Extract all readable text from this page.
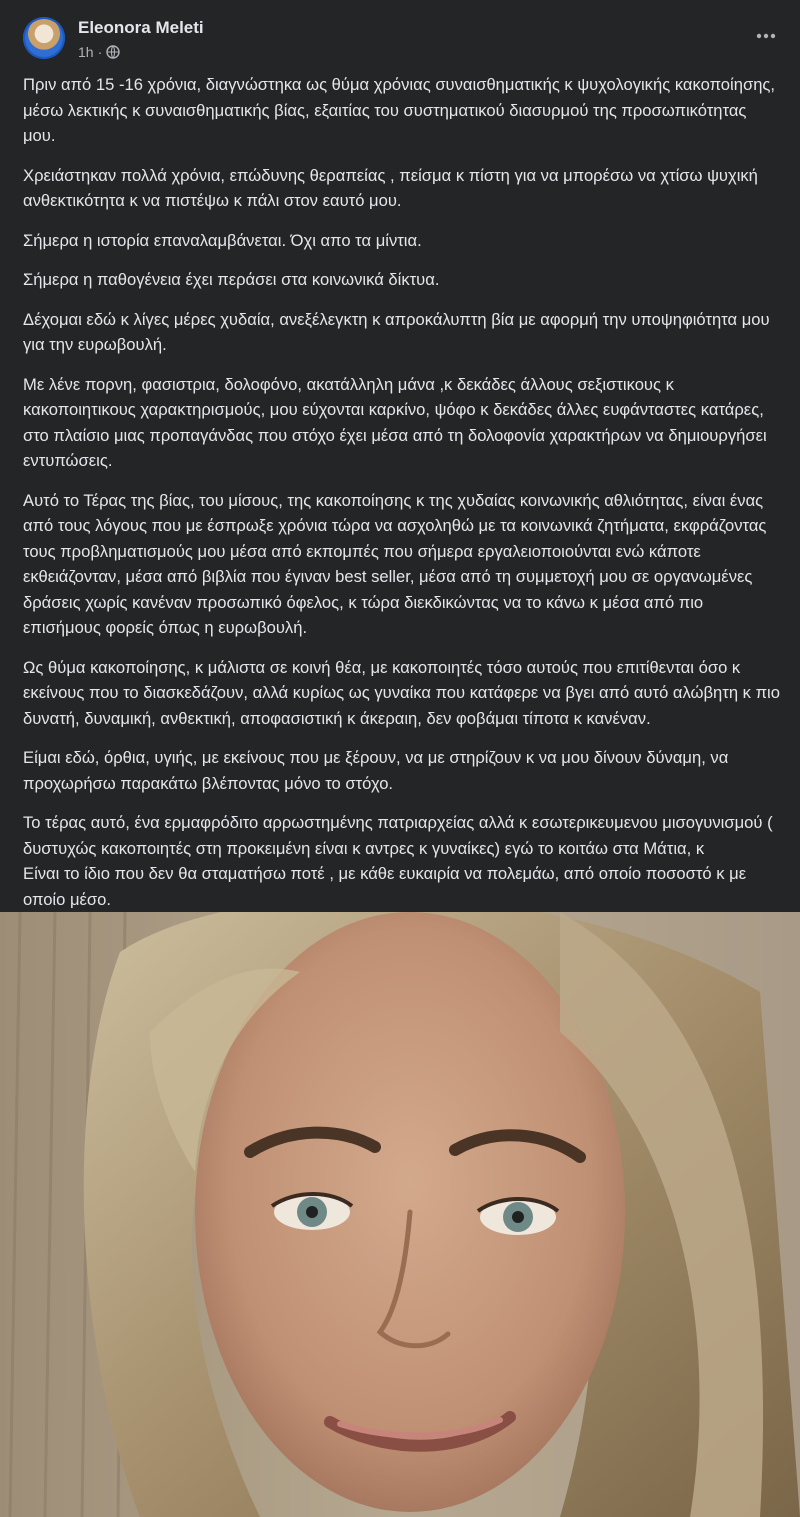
Eleonora Meleti
1h ·

Πριν από 15 -16 χρόνια, διαγνώστηκα ως θύμα χρόνιας συναισθηματικής κ ψυχολογικής κακοποίησης, μέσω λεκτικής κ συναισθηματικής βίας, εξαιτίας του συστηματικού διασυρμού της προσωπικότητας μου.

Χρειάστηκαν πολλά χρόνια, επώδυνης θεραπείας , πείσμα κ πίστη για να μπορέσω να χτίσω ψυχική ανθεκτικότητα κ να πιστέψω κ πάλι στον εαυτό μου.

Σήμερα η ιστορία επαναλαμβάνεται. Όχι απο τα μίντια.

Σήμερα η παθογένεια έχει περάσει στα κοινωνικά δίκτυα.

Δέχομαι εδώ κ λίγες μέρες χυδαία, ανεξέλεγκτη κ απροκάλυπτη βία με αφορμή την υποψηφιότητα μου για την ευρωβουλή.

Με λένε πορνη, φασιστρια, δολοφόνο, ακατάλληλη μάνα ,κ δεκάδες άλλους σεξιστικους κ κακοποιητικους χαρακτηρισμούς, μου εύχονται καρκίνο, ψόφο κ δεκάδες άλλες ευφάνταστες κατάρες, στο πλαίσιο μιας προπαγάνδας που στόχο έχει μέσα από τη δολοφονία χαρακτήρων να δημιουργήσει εντυπώσεις.

Αυτό το Τέρας της βίας, του μίσους, της κακοποίησης κ της χυδαίας κοινωνικής αθλιότητας, είναι ένας από τους λόγους που με έσπρωξε χρόνια τώρα να ασχοληθώ με τα κοινωνικά ζητήματα, εκφράζοντας τους προβληματισμούς μου μέσα από εκπομπές που σήμερα εργαλειοποιούνται ενώ κάποτε εκθειάζονταν, μέσα από βιβλία που έγιναν best seller, μέσα από τη συμμετοχή μου σε οργανωμένες δράσεις χωρίς κανέναν προσωπικό όφελος, κ τώρα διεκδικώντας να το κάνω κ μέσα από πιο επισήμους φορείς όπως η ευρωβουλή.

Ως θύμα κακοποίησης, κ μάλιστα σε κοινή θέα, με κακοποιητές τόσο αυτούς που επιτίθενται όσο κ εκείνους που το διασκεδάζουν, αλλά κυρίως ως γυναίκα που κατάφερε να βγει από αυτό αλώβητη κ πιο δυνατή, δυναμική, ανθεκτική, αποφασιστική κ άκεραιη, δεν φοβάμαι τίποτα κ κανέναν.

Είμαι εδώ, όρθια, υγιής, με εκείνους που με ξέρουν, να με στηρίζουν κ να μου δίνουν δύναμη, να προχωρήσω παρακάτω βλέποντας μόνο το στόχο.

Το τέρας αυτό, ένα ερμαφρόδιτο αρρωστημένης πατριαρχείας αλλά κ εσωτερικευμενου μισογυνισμού ( δυστυχώς κακοποιητές στη προκειμένη είναι κ αντρες κ γυναίκες) εγώ το κοιτάω στα Μάτια, κ
Είναι το ίδιο που δεν θα σταματήσω ποτέ , με κάθε ευκαιρία να πολεμάω, από οποίο ποσοστό κ με οποίο μέσο.
